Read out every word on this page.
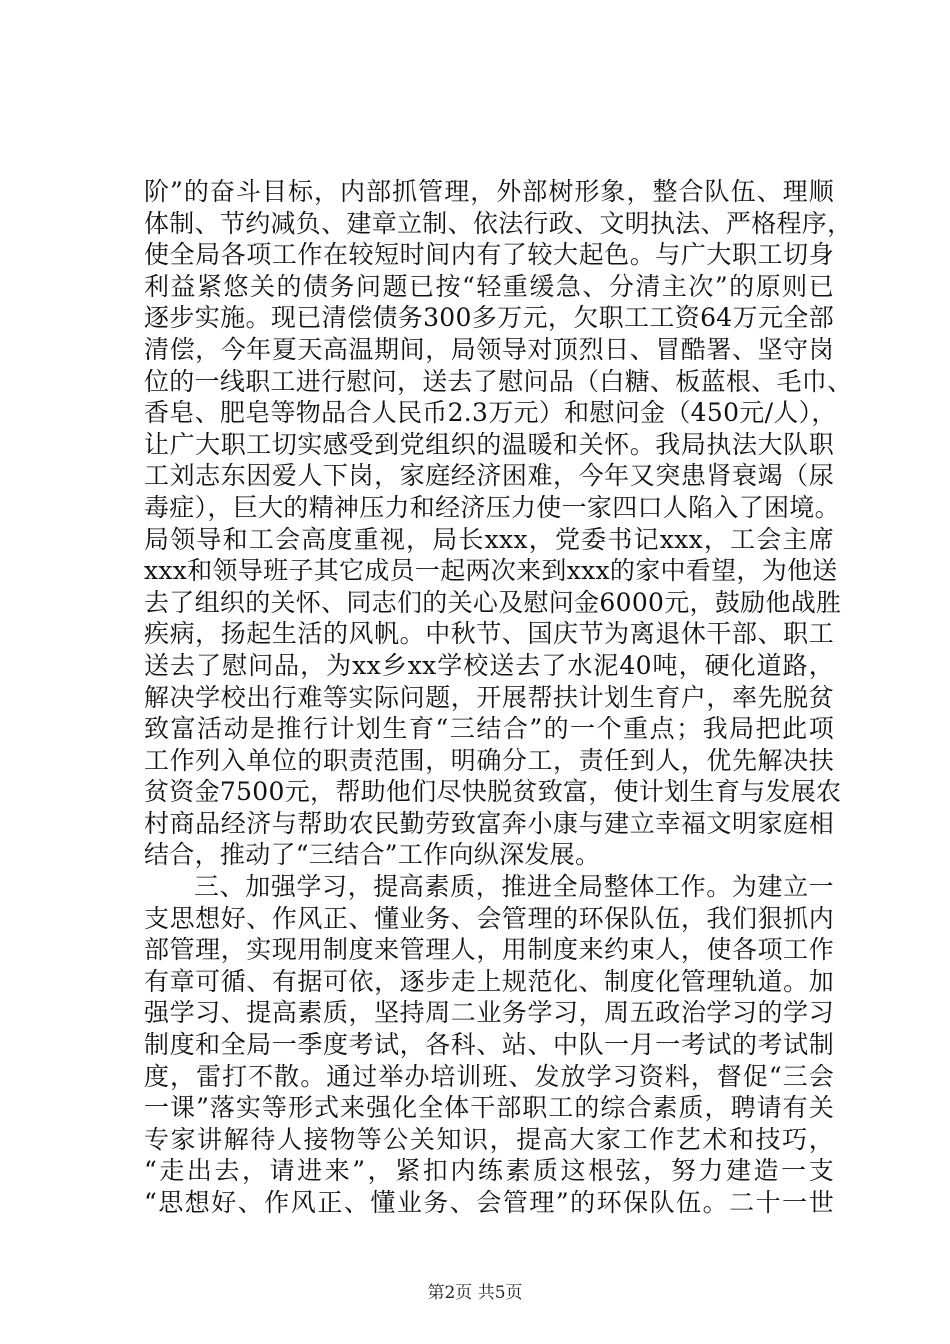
阶”的奋斗目标，内部抓管理，外部树形象，整合队伍、理顺
体制、节约减负、建章立制、依法行政、文明执法、严格程序，
使全局各项工作在较短时间内有了较大起色。与广大职工切身
利益紧悠关的债务问题已按“轻重缓急、分清主次”的原则已
逐步实施。现已清偿债务300多万元，欠职工工资64万元全部
清偿，今年夏天高温期间，局领导对顶烈日、冒酷署、坚守岗
位的一线职工进行慰问，送去了慰问品（白糖、板蓝根、毛巾、
香皂、肥皂等物品合人民币2.3万元）和慰问金（450元/人），
让广大职工切实感受到党组织的温暖和关怀。我局执法大队职
工刘志东因爱人下岗，家庭经济困难，今年又突患肾衰竭（尿
毒症），巨大的精神压力和经济压力使一家四口人陷入了困境。
局领导和工会高度重视，局长xxx，党委书记xxx，工会主席
xxx和领导班子其它成员一起两次来到xxx的家中看望，为他送
去了组织的关怀、同志们的关心及慰问金6000元，鼓励他战胜
疾病，扬起生活的风帆。中秋节、国庆节为离退休干部、职工
送去了慰问品，为xx乡xx学校送去了水泥40吨，硬化道路，
解决学校出行难等实际问题，开展帮扶计划生育户，率先脱贫
致富活动是推行计划生育“三结合”的一个重点；我局把此项
工作列入单位的职责范围，明确分工，责任到人，优先解决扶
贫资金7500元，帮助他们尽快脱贫致富，使计划生育与发展农
村商品经济与帮助农民勤劳致富奔小康与建立幸福文明家庭相
结合，推动了“三结合”工作向纵深发展。
三、加强学习，提高素质，推进全局整体工作。为建立一
支思想好、作风正、懂业务、会管理的环保队伍，我们狠抓内
部管理，实现用制度来管理人，用制度来约束人，使各项工作
有章可循、有据可依，逐步走上规范化、制度化管理轨道。加
强学习、提高素质，坚持周二业务学习，周五政治学习的学习
制度和全局一季度考试，各科、站、中队一月一考试的考试制
度，雷打不散。通过举办培训班、发放学习资料，督促“三会
一课”落实等形式来强化全体干部职工的综合素质，聘请有关
专家讲解待人接物等公关知识，提高大家工作艺术和技巧，
“走出去，请进来”，紧扣内练素质这根弦，努力建造一支
“思想好、作风正、懂业务、会管理”的环保队伍。二十一世
第2页 共5页
